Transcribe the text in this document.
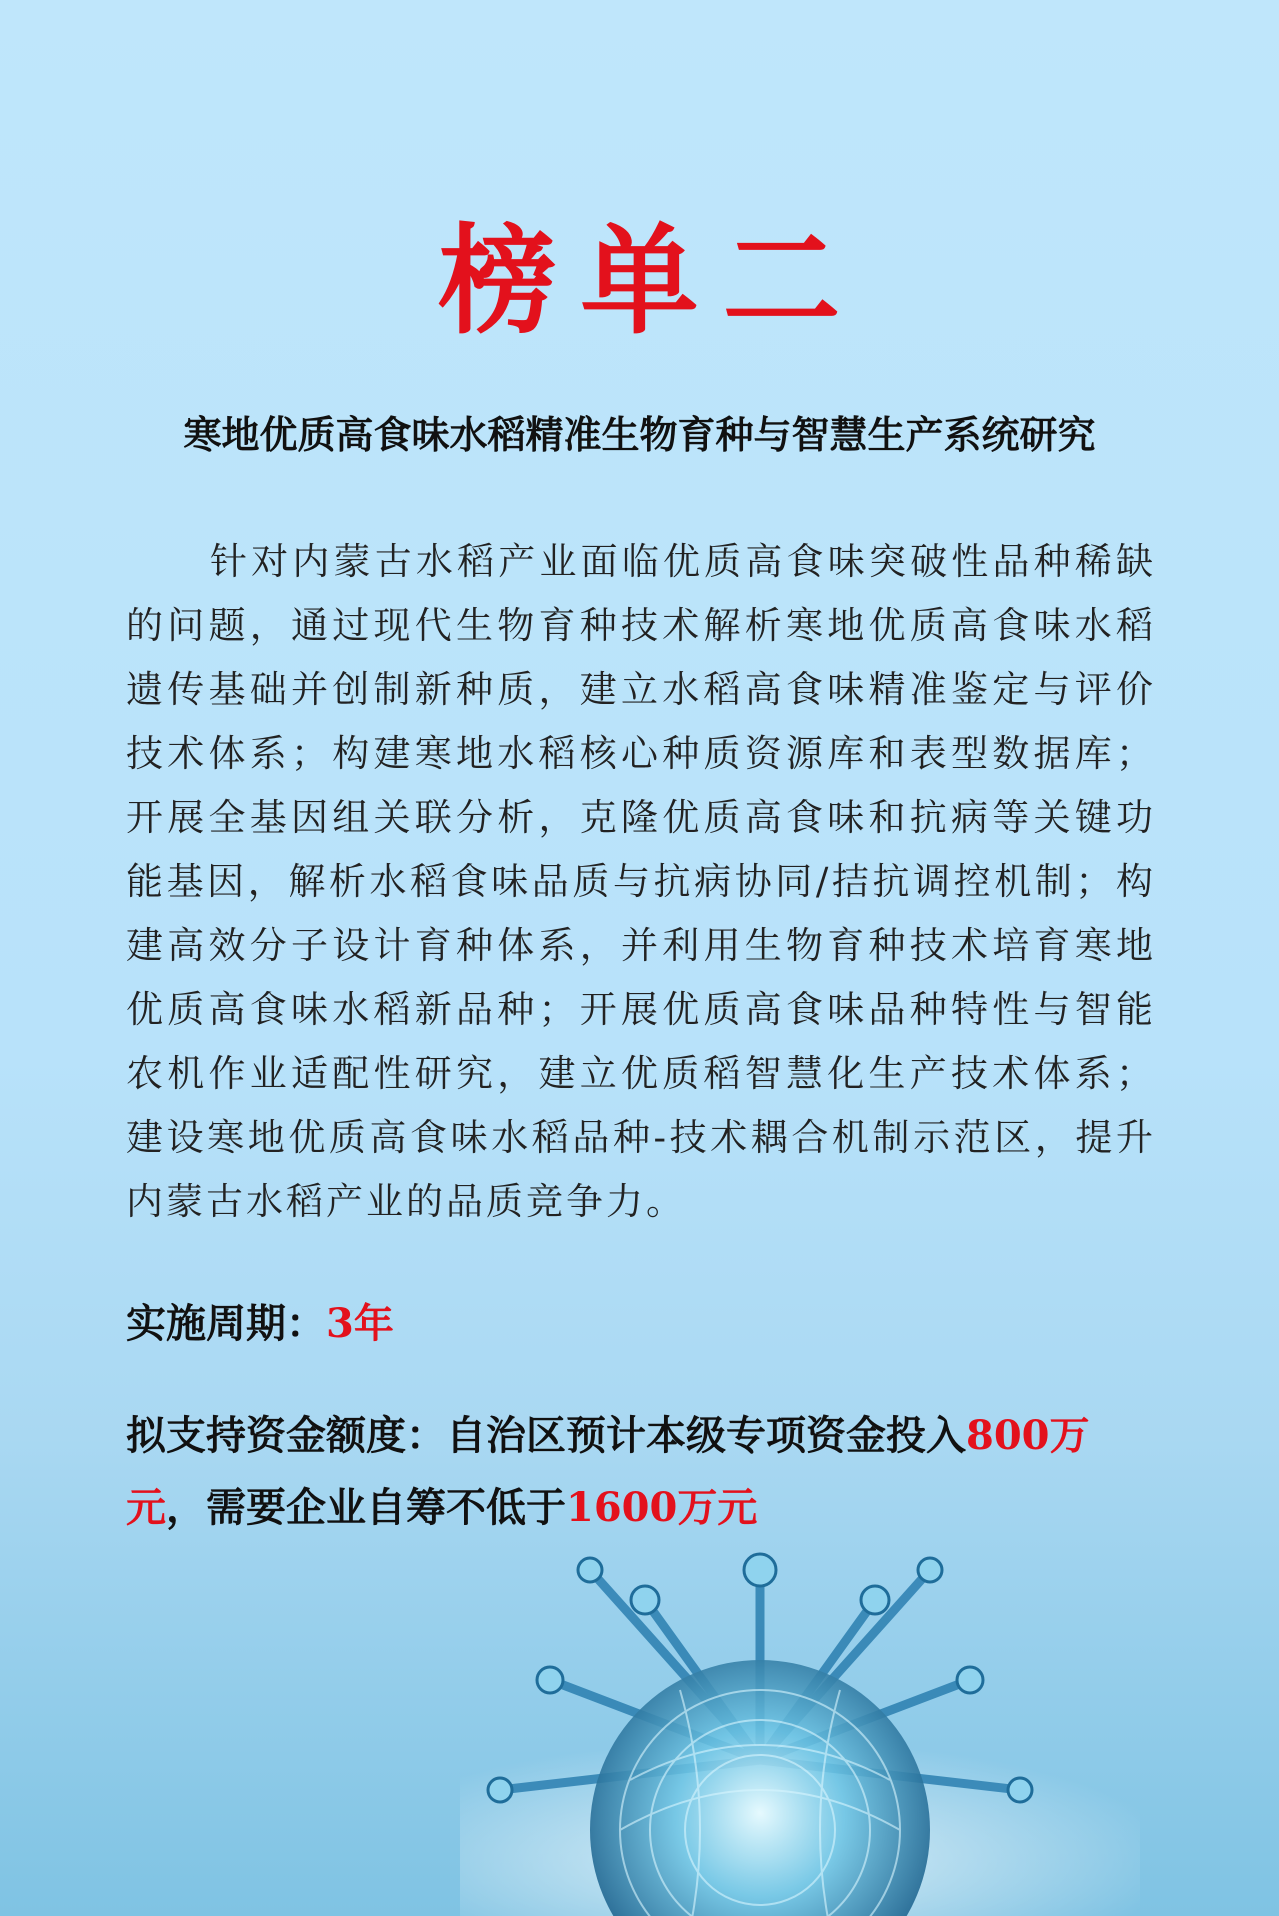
榜单二
寒地优质高食味水稻精准生物育种与智慧生产系统研究
针对内蒙古水稻产业面临优质高食味突破性品种稀缺的问题，通过现代生物育种技术解析寒地优质高食味水稻遗传基础并创制新种质，建立水稻高食味精准鉴定与评价技术体系；构建寒地水稻核心种质资源库和表型数据库；开展全基因组关联分析，克隆优质高食味和抗病等关键功能基因，解析水稻食味品质与抗病协同/拮抗调控机制；构建高效分子设计育种体系，并利用生物育种技术培育寒地优质高食味水稻新品种；开展优质高食味品种特性与智能农机作业适配性研究，建立优质稻智慧化生产技术体系；建设寒地优质高食味水稻品种-技术耦合机制示范区，提升内蒙古水稻产业的品质竞争力。
实施周期：3年
拟支持资金额度：自治区预计本级专项资金投入800万元，需要企业自筹不低于1600万元
